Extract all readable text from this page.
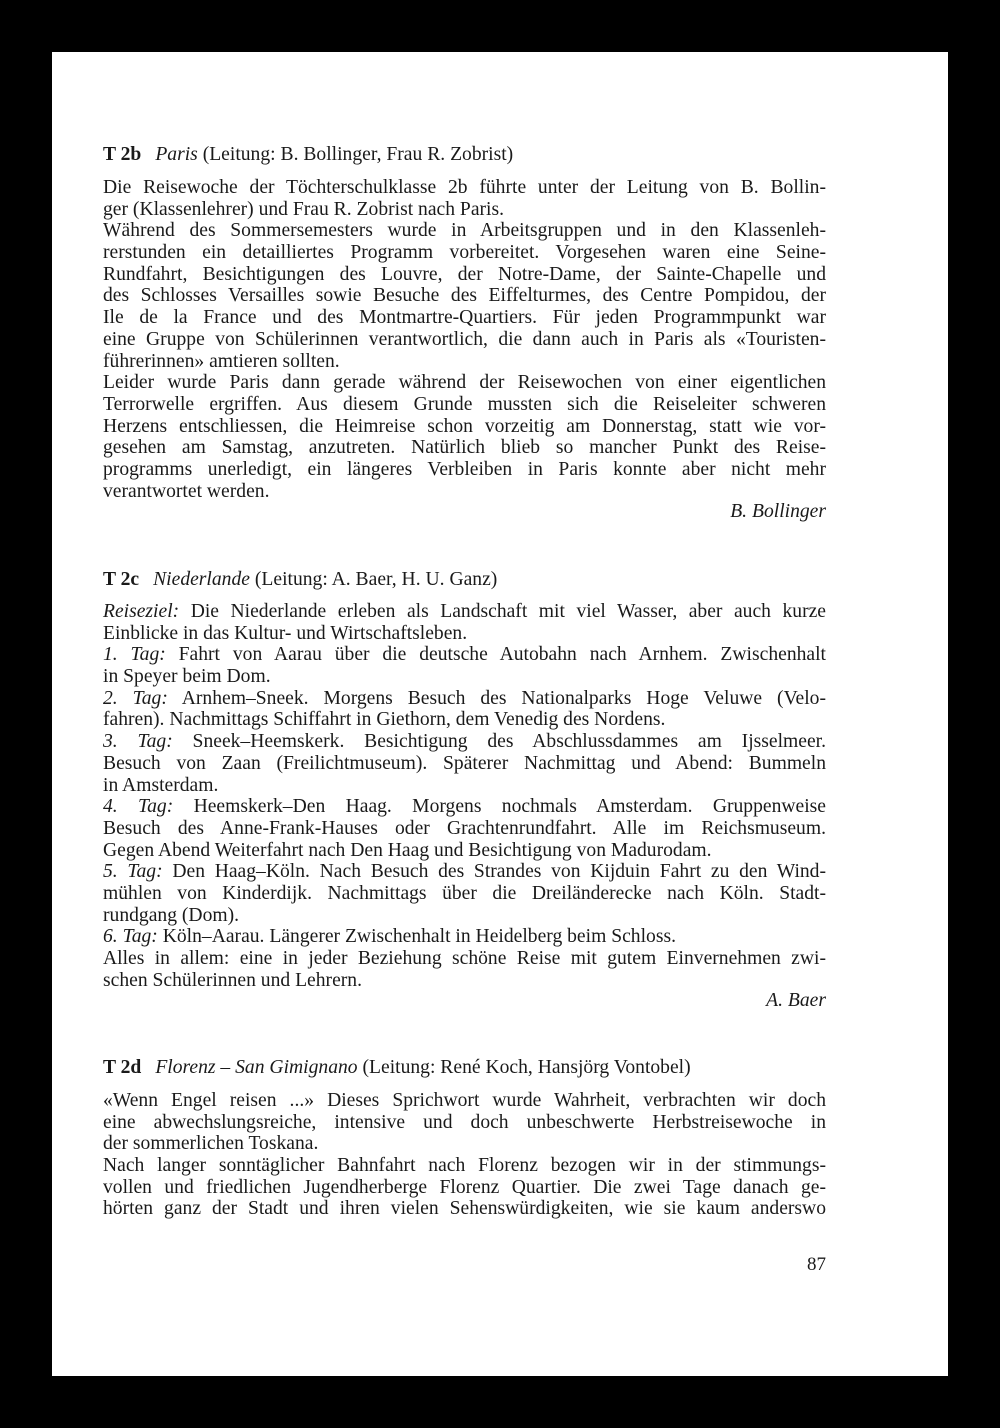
T 2b Paris (Leitung: B. Bollinger, Frau R. Zobrist)
Die Reisewoche der Töchterschulklasse 2b führte unter der Leitung von B. Bollin-
ger (Klassenlehrer) und Frau R. Zobrist nach Paris.
Während des Sommersemesters wurde in Arbeitsgruppen und in den Klassenleh-
rerstunden ein detailliertes Programm vorbereitet. Vorgesehen waren eine Seine-
Rundfahrt, Besichtigungen des Louvre, der Notre-Dame, der Sainte-Chapelle und
des Schlosses Versailles sowie Besuche des Eiffelturmes, des Centre Pompidou, der
Ile de la France und des Montmartre-Quartiers. Für jeden Programmpunkt war
eine Gruppe von Schülerinnen verantwortlich, die dann auch in Paris als «Touristen-
führerinnen» amtieren sollten.
Leider wurde Paris dann gerade während der Reisewochen von einer eigentlichen
Terrorwelle ergriffen. Aus diesem Grunde mussten sich die Reiseleiter schweren
Herzens entschliessen, die Heimreise schon vorzeitig am Donnerstag, statt wie vor-
gesehen am Samstag, anzutreten. Natürlich blieb so mancher Punkt des Reise-
programms unerledigt, ein längeres Verbleiben in Paris konnte aber nicht mehr
verantwortet werden.
B. Bollinger
T 2c Niederlande (Leitung: A. Baer, H. U. Ganz)
Reiseziel: Die Niederlande erleben als Landschaft mit viel Wasser, aber auch kurze
Einblicke in das Kultur- und Wirtschaftsleben.
1. Tag: Fahrt von Aarau über die deutsche Autobahn nach Arnhem. Zwischenhalt
in Speyer beim Dom.
2. Tag: Arnhem–Sneek. Morgens Besuch des Nationalparks Hoge Veluwe (Velo-
fahren). Nachmittags Schiffahrt in Giethorn, dem Venedig des Nordens.
3. Tag: Sneek–Heemskerk. Besichtigung des Abschlussdammes am Ijsselmeer.
Besuch von Zaan (Freilichtmuseum). Späterer Nachmittag und Abend: Bummeln
in Amsterdam.
4. Tag: Heemskerk–Den Haag. Morgens nochmals Amsterdam. Gruppenweise
Besuch des Anne-Frank-Hauses oder Grachtenrundfahrt. Alle im Reichsmuseum.
Gegen Abend Weiterfahrt nach Den Haag und Besichtigung von Madurodam.
5. Tag: Den Haag–Köln. Nach Besuch des Strandes von Kijduin Fahrt zu den Wind-
mühlen von Kinderdijk. Nachmittags über die Dreiländerecke nach Köln. Stadt-
rundgang (Dom).
6. Tag: Köln–Aarau. Längerer Zwischenhalt in Heidelberg beim Schloss.
Alles in allem: eine in jeder Beziehung schöne Reise mit gutem Einvernehmen zwi-
schen Schülerinnen und Lehrern.
A. Baer
T 2d Florenz – San Gimignano (Leitung: René Koch, Hansjörg Vontobel)
«Wenn Engel reisen ...» Dieses Sprichwort wurde Wahrheit, verbrachten wir doch
eine abwechslungsreiche, intensive und doch unbeschwerte Herbstreisewoche in
der sommerlichen Toskana.
Nach langer sonntäglicher Bahnfahrt nach Florenz bezogen wir in der stimmungs-
vollen und friedlichen Jugendherberge Florenz Quartier. Die zwei Tage danach ge-
hörten ganz der Stadt und ihren vielen Sehenswürdigkeiten, wie sie kaum anderswo
87
